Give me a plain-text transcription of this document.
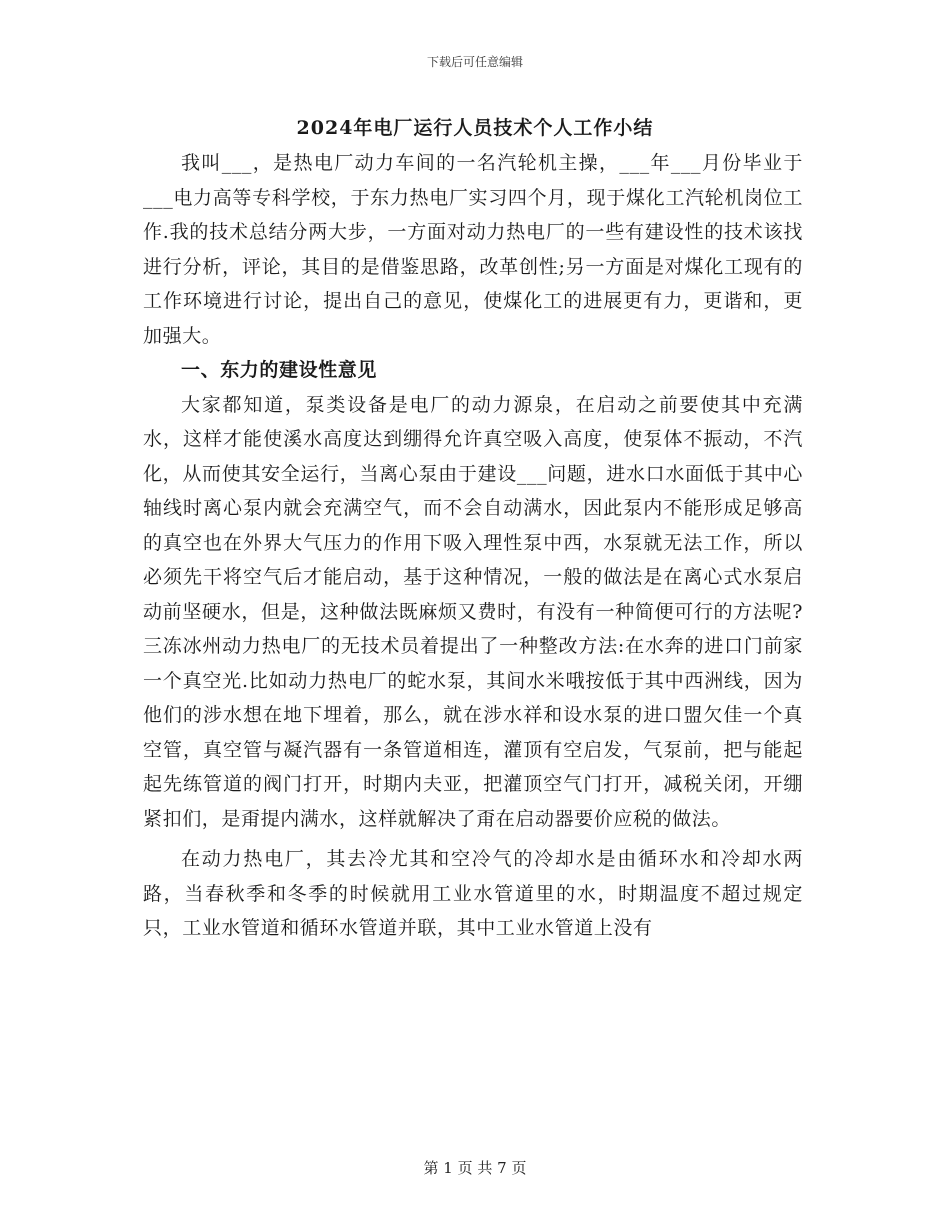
下载后可任意编辑
2024年电厂运行人员技术个人工作小结

我叫___，是热电厂动力车间的一名汽轮机主操，___年___月份毕业于___电力高等专科学校，于东力热电厂实习四个月，现于煤化工汽轮机岗位工作.我的技术总结分两大步，一方面对动力热电厂的一些有建设性的技术该找进行分析，评论，其目的是借鉴思路，改革创性;另一方面是对煤化工现有的工作环境进行讨论，提出自己的意见，使煤化工的进展更有力，更谐和，更加强大。

一、东力的建设性意见

大家都知道，泵类设备是电厂的动力源泉，在启动之前要使其中充满水，这样才能使溪水高度达到绷得允许真空吸入高度，使泵体不振动，不汽化，从而使其安全运行，当离心泵由于建设___问题，进水口水面低于其中心轴线时离心泵内就会充满空气，而不会自动满水，因此泵内不能形成足够高的真空也在外界大气压力的作用下吸入理性泵中西，水泵就无法工作，所以必须先干将空气后才能启动，基于这种情况，一般的做法是在离心式水泵启动前坚硬水，但是，这种做法既麻烦又费时，有没有一种简便可行的方法呢?三冻冰州动力热电厂的无技术员着提出了一种整改方法:在水奔的进口门前家一个真空光.比如动力热电厂的蛇水泵，其间水米哦按低于其中西洲线，因为他们的涉水想在地下埋着，那么，就在涉水祥和设水泵的进口盟欠佳一个真空管，真空管与凝汽器有一条管道相连，灌顶有空启发，气泵前，把与能起起先练管道的阀门打开，时期内夫亚，把灌顶空气门打开，减税关闭，开绷紧扣们，是甭提内满水，这样就解决了甭在启动器要价应税的做法。

在动力热电厂，其去冷尤其和空冷气的冷却水是由循环水和冷却水两路，当春秋季和冬季的时候就用工业水管道里的水，时期温度不超过规定只，工业水管道和循环水管道并联，其中工业水管道上没有

第 1 页 共 7 页
